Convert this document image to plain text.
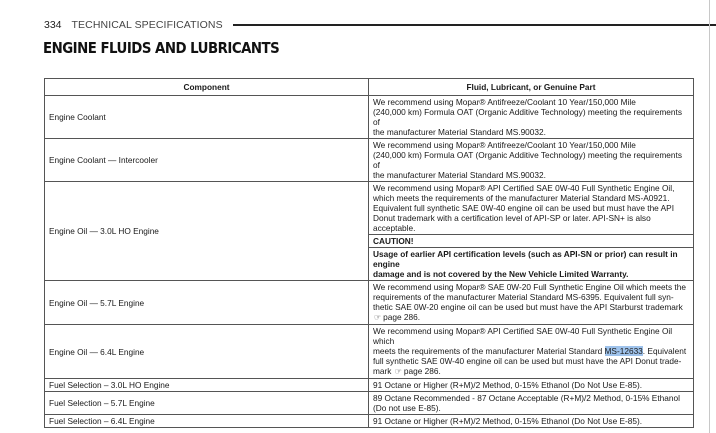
334 TECHNICAL SPECIFICATIONS
ENGINE FLUIDS AND LUBRICANTS
Component	Fluid, Lubricant, or Genuine Part
Engine Coolant	We recommend using Mopar® Antifreeze/Coolant 10 Year/150,000 Mile
(240,000 km) Formula OAT (Organic Additive Technology) meeting the requirements of
the manufacturer Material Standard MS.90032.

Engine Coolant — Intercooler	We recommend using Mopar® Antifreeze/Coolant 10 Year/150,000 Mile
(240,000 km) Formula OAT (Organic Additive Technology) meeting the requirements of
the manufacturer Material Standard MS.90032.

Engine Oil — 3.0L HO Engine	We recommend using Mopar® API Certified SAE 0W-40 Full Synthetic Engine Oil,
which meets the requirements of the manufacturer Material Standard MS-A0921.
Equivalent full synthetic SAE 0W-40 engine oil can be used but must have the API
Donut trademark with a certification level of API-SP or later. API-SN+ is also
acceptable.

	CAUTION!

	Usage of earlier API certification levels (such as API-SN or prior) can result in engine
damage and is not covered by the New Vehicle Limited Warranty.

Engine Oil — 5.7L Engine	We recommend using Mopar® SAE 0W-20 Full Synthetic Engine Oil which meets the
requirements of the manufacturer Material Standard MS-6395. Equivalent full syn-
thetic SAE 0W-20 engine oil can be used but must have the API Starburst trademark
☞ page 286.

Engine Oil — 6.4L Engine	We recommend using Mopar® API Certified SAE 0W-40 Full Synthetic Engine Oil which
meets the requirements of the manufacturer Material Standard MS-12633. Equivalent
full synthetic SAE 0W-40 engine oil can be used but must have the API Donut trade-
mark ☞ page 286.

Fuel Selection – 3.0L HO Engine	91 Octane or Higher (R+M)/2 Method, 0-15% Ethanol (Do Not Use E-85).

Fuel Selection – 5.7L Engine	89 Octane Recommended - 87 Octane Acceptable (R+M)/2 Method, 0-15% Ethanol
(Do not use E-85).

Fuel Selection – 6.4L Engine	91 Octane or Higher (R+M)/2 Method, 0-15% Ethanol (Do Not Use E-85).
